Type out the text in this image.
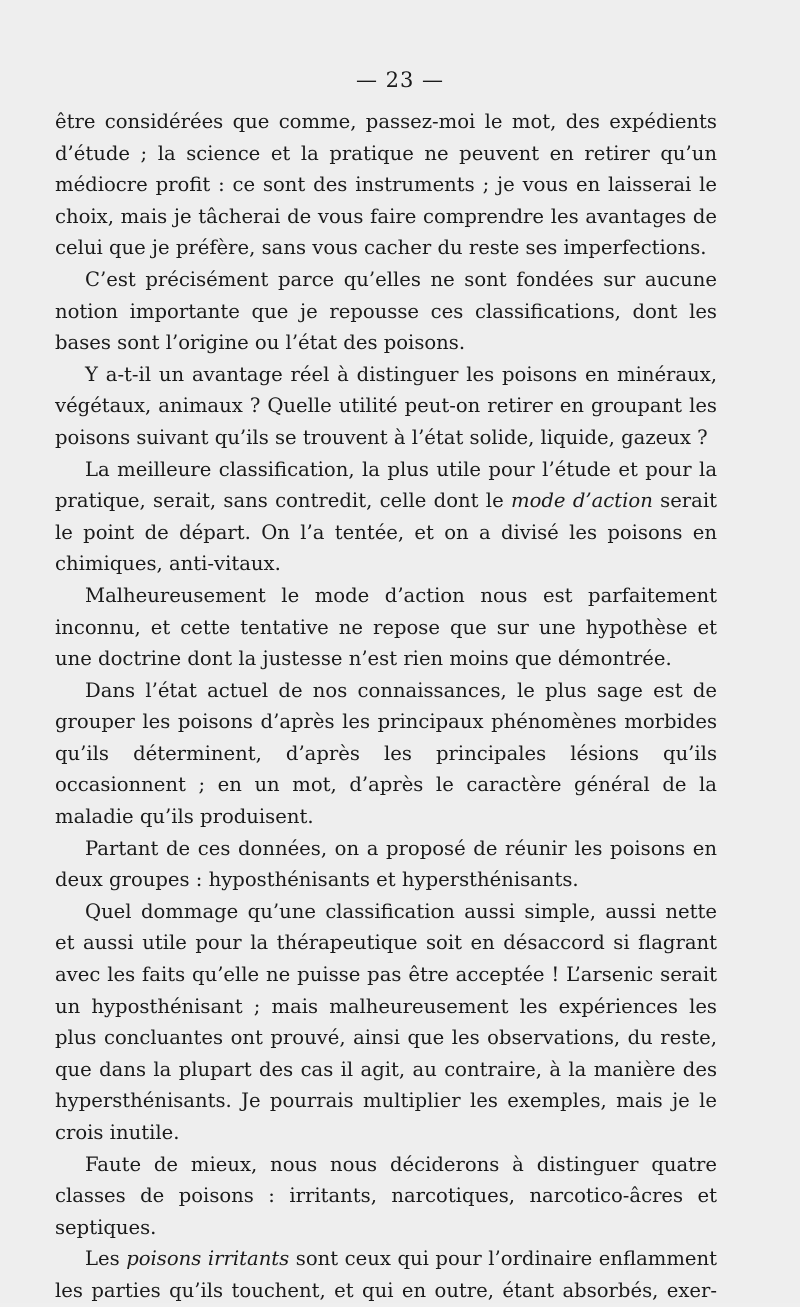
— 23 —

être considérées que comme, passez-moi le mot, des expédients d’étude ; la science et la pratique ne peuvent en retirer qu’un médiocre profit : ce sont des instruments ; je vous en laisserai le choix, mais je tâcherai de vous faire comprendre les avantages de celui que je préfère, sans vous cacher du reste ses imperfections.

C’est précisément parce qu’elles ne sont fondées sur aucune notion importante que je repousse ces classifications, dont les bases sont l’origine ou l’état des poisons.

Y a-t-il un avantage réel à distinguer les poisons en minéraux, végétaux, animaux ? Quelle utilité peut-on retirer en groupant les poisons suivant qu’ils se trouvent à l’état solide, liquide, gazeux ?

La meilleure classification, la plus utile pour l’étude et pour la pratique, serait, sans contredit, celle dont le mode d’action serait le point de départ. On l’a tentée, et on a divisé les poisons en chimiques, anti-vitaux.

Malheureusement le mode d’action nous est parfaitement inconnu, et cette tentative ne repose que sur une hypothèse et une doctrine dont la justesse n’est rien moins que démontrée.

Dans l’état actuel de nos connaissances, le plus sage est de grouper les poisons d’après les principaux phénomènes morbides qu’ils déterminent, d’après les principales lésions qu’ils occasionnent ; en un mot, d’après le caractère général de la maladie qu’ils produisent.

Partant de ces données, on a proposé de réunir les poisons en deux groupes : hyposthénisants et hypersthénisants.

Quel dommage qu’une classification aussi simple, aussi nette et aussi utile pour la thérapeutique soit en désaccord si flagrant avec les faits qu’elle ne puisse pas être acceptée ! L’arsenic serait un hyposthénisant ; mais malheureusement les expériences les plus concluantes ont prouvé, ainsi que les observations, du reste, que dans la plupart des cas il agit, au contraire, à la manière des hypersthénisants. Je pourrais multiplier les exemples, mais je le crois inutile.

Faute de mieux, nous nous déciderons à distinguer quatre classes de poisons : irritants, narcotiques, narcotico-âcres et septiques.

Les poisons irritants sont ceux qui pour l’ordinaire enflamment les parties qu’ils touchent, et qui en outre, étant absorbés, exer-
